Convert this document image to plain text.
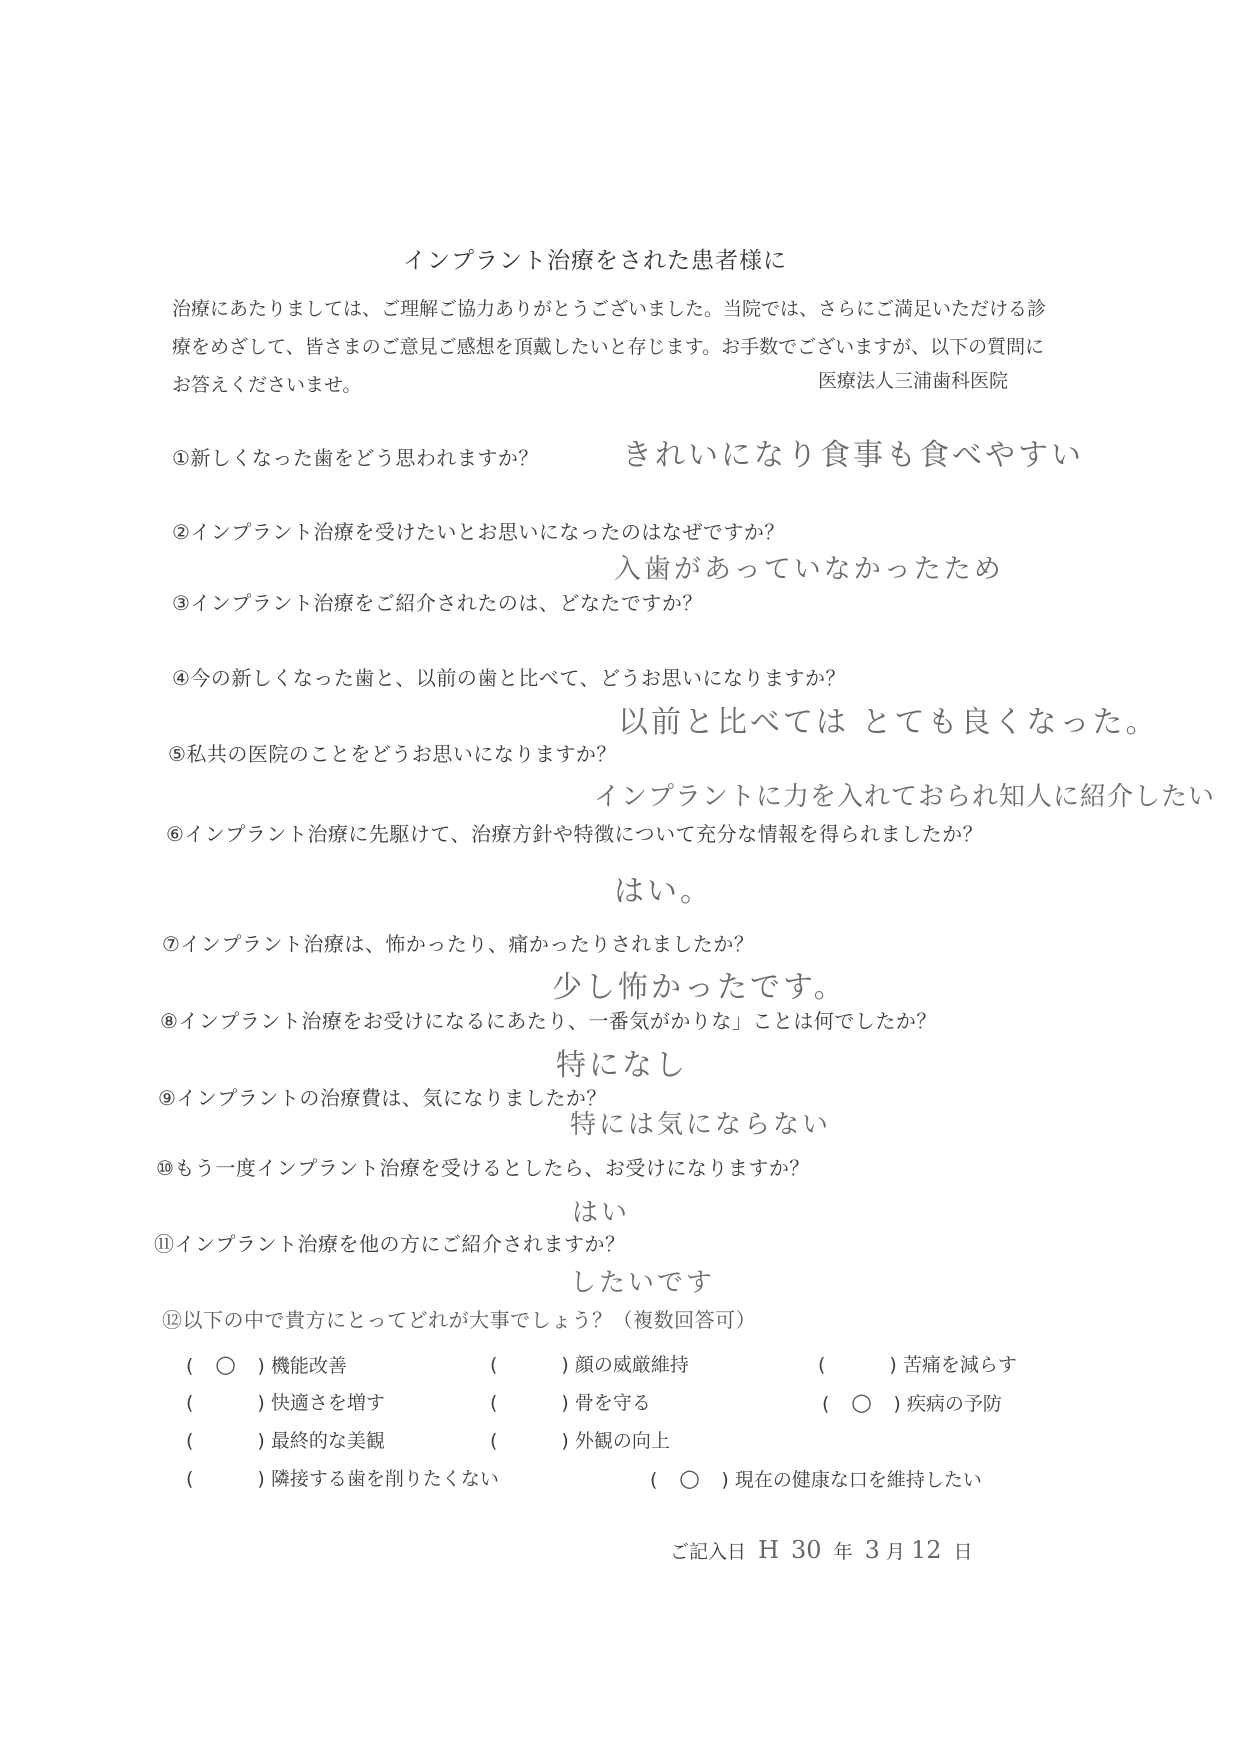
インプラント治療をされた患者様に
治療にあたりましては、ご理解ご協力ありがとうございました。当院では、さらにご満足いただける診療をめざして、皆さまのご意見ご感想を頂戴したいと存じます。お手数でございますが、以下の質問にお答えくださいませ。	医療法人三浦歯科医院
①新しくなった歯をどう思われますか？	きれいになり食事も食べやすい
②インプラント治療を受けたいとお思いになったのはなぜですか？
入歯があっていなかったため
③インプラント治療をご紹介されたのは、どなたですか？
④今の新しくなった歯と、以前の歯と比べて、どうお思いになりますか？
以前と比べては とても良くなった。
⑤私共の医院のことをどうお思いになりますか？
インプラントに力を入れておられ知人に紹介したい
⑥インプラント治療に先駆けて、治療方針や特徴について充分な情報を得られましたか？
はい。
⑦インプラント治療は、怖かったり、痛かったりされましたか？
少し怖かったです。
⑧インプラント治療をお受けになるにあたり、一番気がかりな」ことは何でしたか？
特になし
⑨インプラントの治療費は、気になりましたか？
特には気にならない
⑩もう一度インプラント治療を受けるとしたら、お受けになりますか？
はい
⑪インプラント治療を他の方にご紹介されますか？
したいです
⑫以下の中で貴方にとってどれが大事でしょう？（複数回答可）
( ○ ) 機能改善	(	) 顔の威厳維持	(	) 苦痛を減らす
(	) 快適さを増す	(	) 骨を守る	( ○ ) 疾病の予防
(	) 最終的な美観	(	) 外観の向上
(	) 隣接する歯を削りたくない	( ○ ) 現在の健康な口を維持したい
ご記入日 H 30 年 3 月 12 日
